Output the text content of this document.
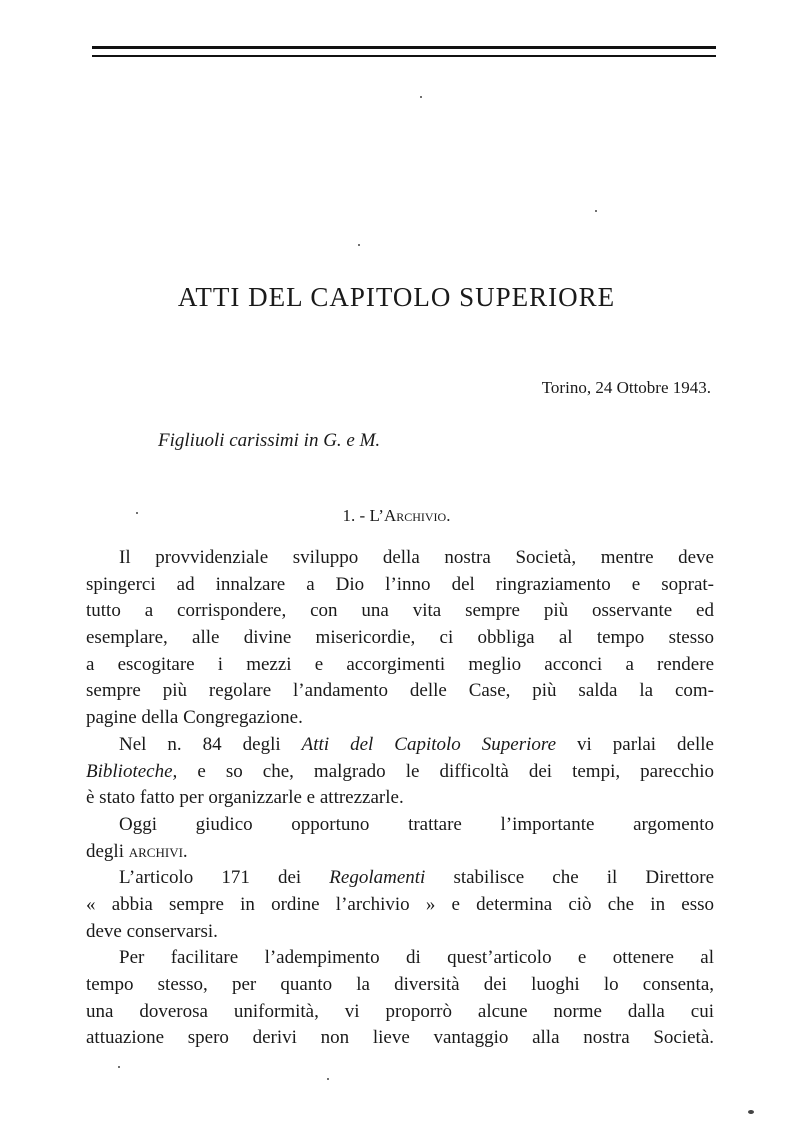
ATTI DEL CAPITOLO SUPERIORE
Torino, 24 Ottobre 1943.
Figliuoli carissimi in G. e M.
1. - L’Archivio.
Il provvidenziale sviluppo della nostra Società, mentre deve
spingerci ad innalzare a Dio l’inno del ringraziamento e soprat-
tutto a corrispondere, con una vita sempre più osservante ed
esemplare, alle divine misericordie, ci obbliga al tempo stesso
a escogitare i mezzi e accorgimenti meglio acconci a rendere
sempre più regolare l’andamento delle Case, più salda la com-
pagine della Congregazione.
Nel n. 84 degli Atti del Capitolo Superiore vi parlai delle
Biblioteche, e so che, malgrado le difficoltà dei tempi, parecchio
è stato fatto per organizzarle e attrezzarle.
Oggi giudico opportuno trattare l’importante argomento
degli archivi.
L’articolo 171 dei Regolamenti stabilisce che il Direttore
« abbia sempre in ordine l’archivio » e determina ciò che in esso
deve conservarsi.
Per facilitare l’adempimento di quest’articolo e ottenere al
tempo stesso, per quanto la diversità dei luoghi lo consenta,
una doverosa uniformità, vi proporrò alcune norme dalla cui
attuazione spero derivi non lieve vantaggio alla nostra Società.
